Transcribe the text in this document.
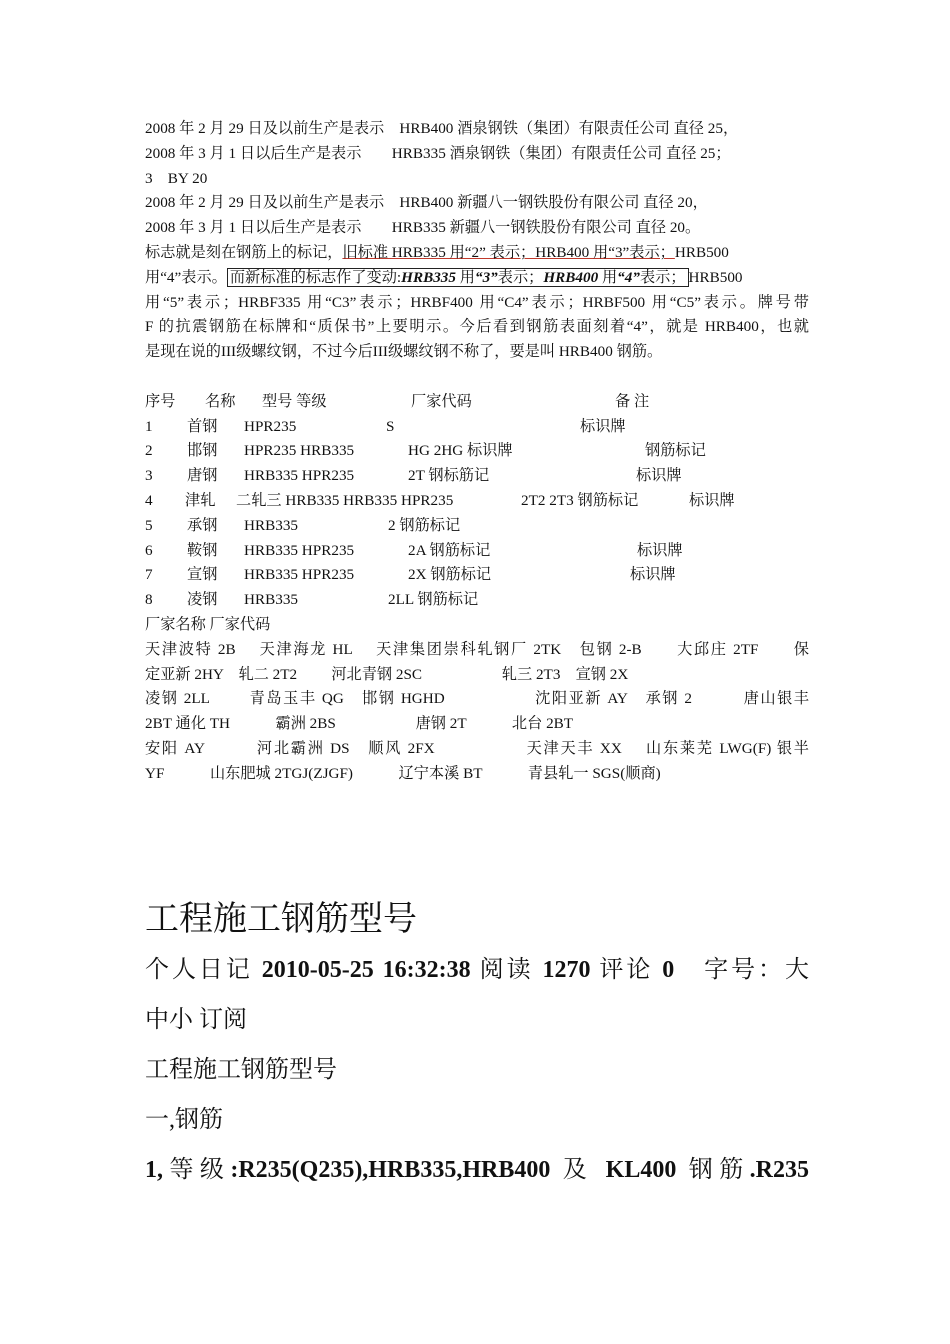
2008 年 2 月 29 日及以前生产是表示　HRB400 酒泉钢铁（集团）有限责任公司 直径 25，
2008 年 3 月 1 日以后生产是表示　　HRB335 酒泉钢铁（集团）有限责任公司 直径 25；
3　BY 20
2008 年 2 月 29 日及以前生产是表示　HRB400 新疆八一钢铁股份有限公司 直径 20，
2008 年 3 月 1 日以后生产是表示　　HRB335 新疆八一钢铁股份有限公司 直径 20。
标志就是刻在钢筋上的标记，旧标准 HRB335 用“2” 表示；HRB400 用“3”表示；HRB500
用“4”表示。 而新标准的标志作了变动:HRB335 用“3”表示；HRB400 用“4”表示； HRB500
用“5”表示；HRBF335 用“C3”表示；HRBF400 用“C4”表示；HRBF500 用“C5”表示。牌号带
F 的抗震钢筋在标牌和“质保书”上要明示。今后看到钢筋表面刻着“4”，就是 HRB400，也就
是现在说的III级螺纹钢，不过今后III级螺纹钢不称了，要是叫 HRB400 钢筋。
序号 名称 型号 等级	厂家代码	备 注
1 首钢 HPR235	S	标识牌
2 邯钢 HPR235 HRB335	HG 2HG 标识牌	钢筋标记
3 唐钢 HRB335 HPR235	2T 钢标筋记	标识牌
4 津轧 二轧三 HRB335 HRB335 HPR235	2T2 2T3 钢筋标记	标识牌
5 承钢 HRB335	2 钢筋标记
6 鞍钢 HRB335 HPR235	2A 钢筋标记	标识牌
7 宣钢 HRB335 HPR235	2X 钢筋标记	标识牌
8 凌钢 HRB335	2LL 钢筋标记
厂家名称 厂家代码
天津波特 2B　 天津海龙 HL　 天津集团崇科轧钢厂 2TK　包钢 2-B　　大邱庄 2TF　　保
定亚新 2HY　轧二 2T2　　 河北青钢 2SC　　　　　 轧三 2T3　宣钢 2X
凌钢 2LL　　 青岛玉丰 QG　邯钢 HGHD　　　　　 沈阳亚新 AY　承钢 2　　　唐山银丰
2BT 通化 TH　　　霸洲 2BS　　　　　 唐钢 2T　　　北台 2BT
安阳 AY　　　河北霸洲 DS　顺风 2FX　　　　　 天津天丰 XX　 山东莱芜 LWG(F) 银半
YF　　　山东肥城 2TGJ(ZJGF)　　　辽宁本溪 BT　　　青县轧一 SGS(顺商)
工程施工钢筋型号
个人日记 2010-05-25 16:32:38 阅读 1270 评论 0　字号：大
中小 订阅
工程施工钢筋型号
一,钢筋
1,等级:R235(Q235),HRB335,HRB400 及 KL400 钢筋.R235
